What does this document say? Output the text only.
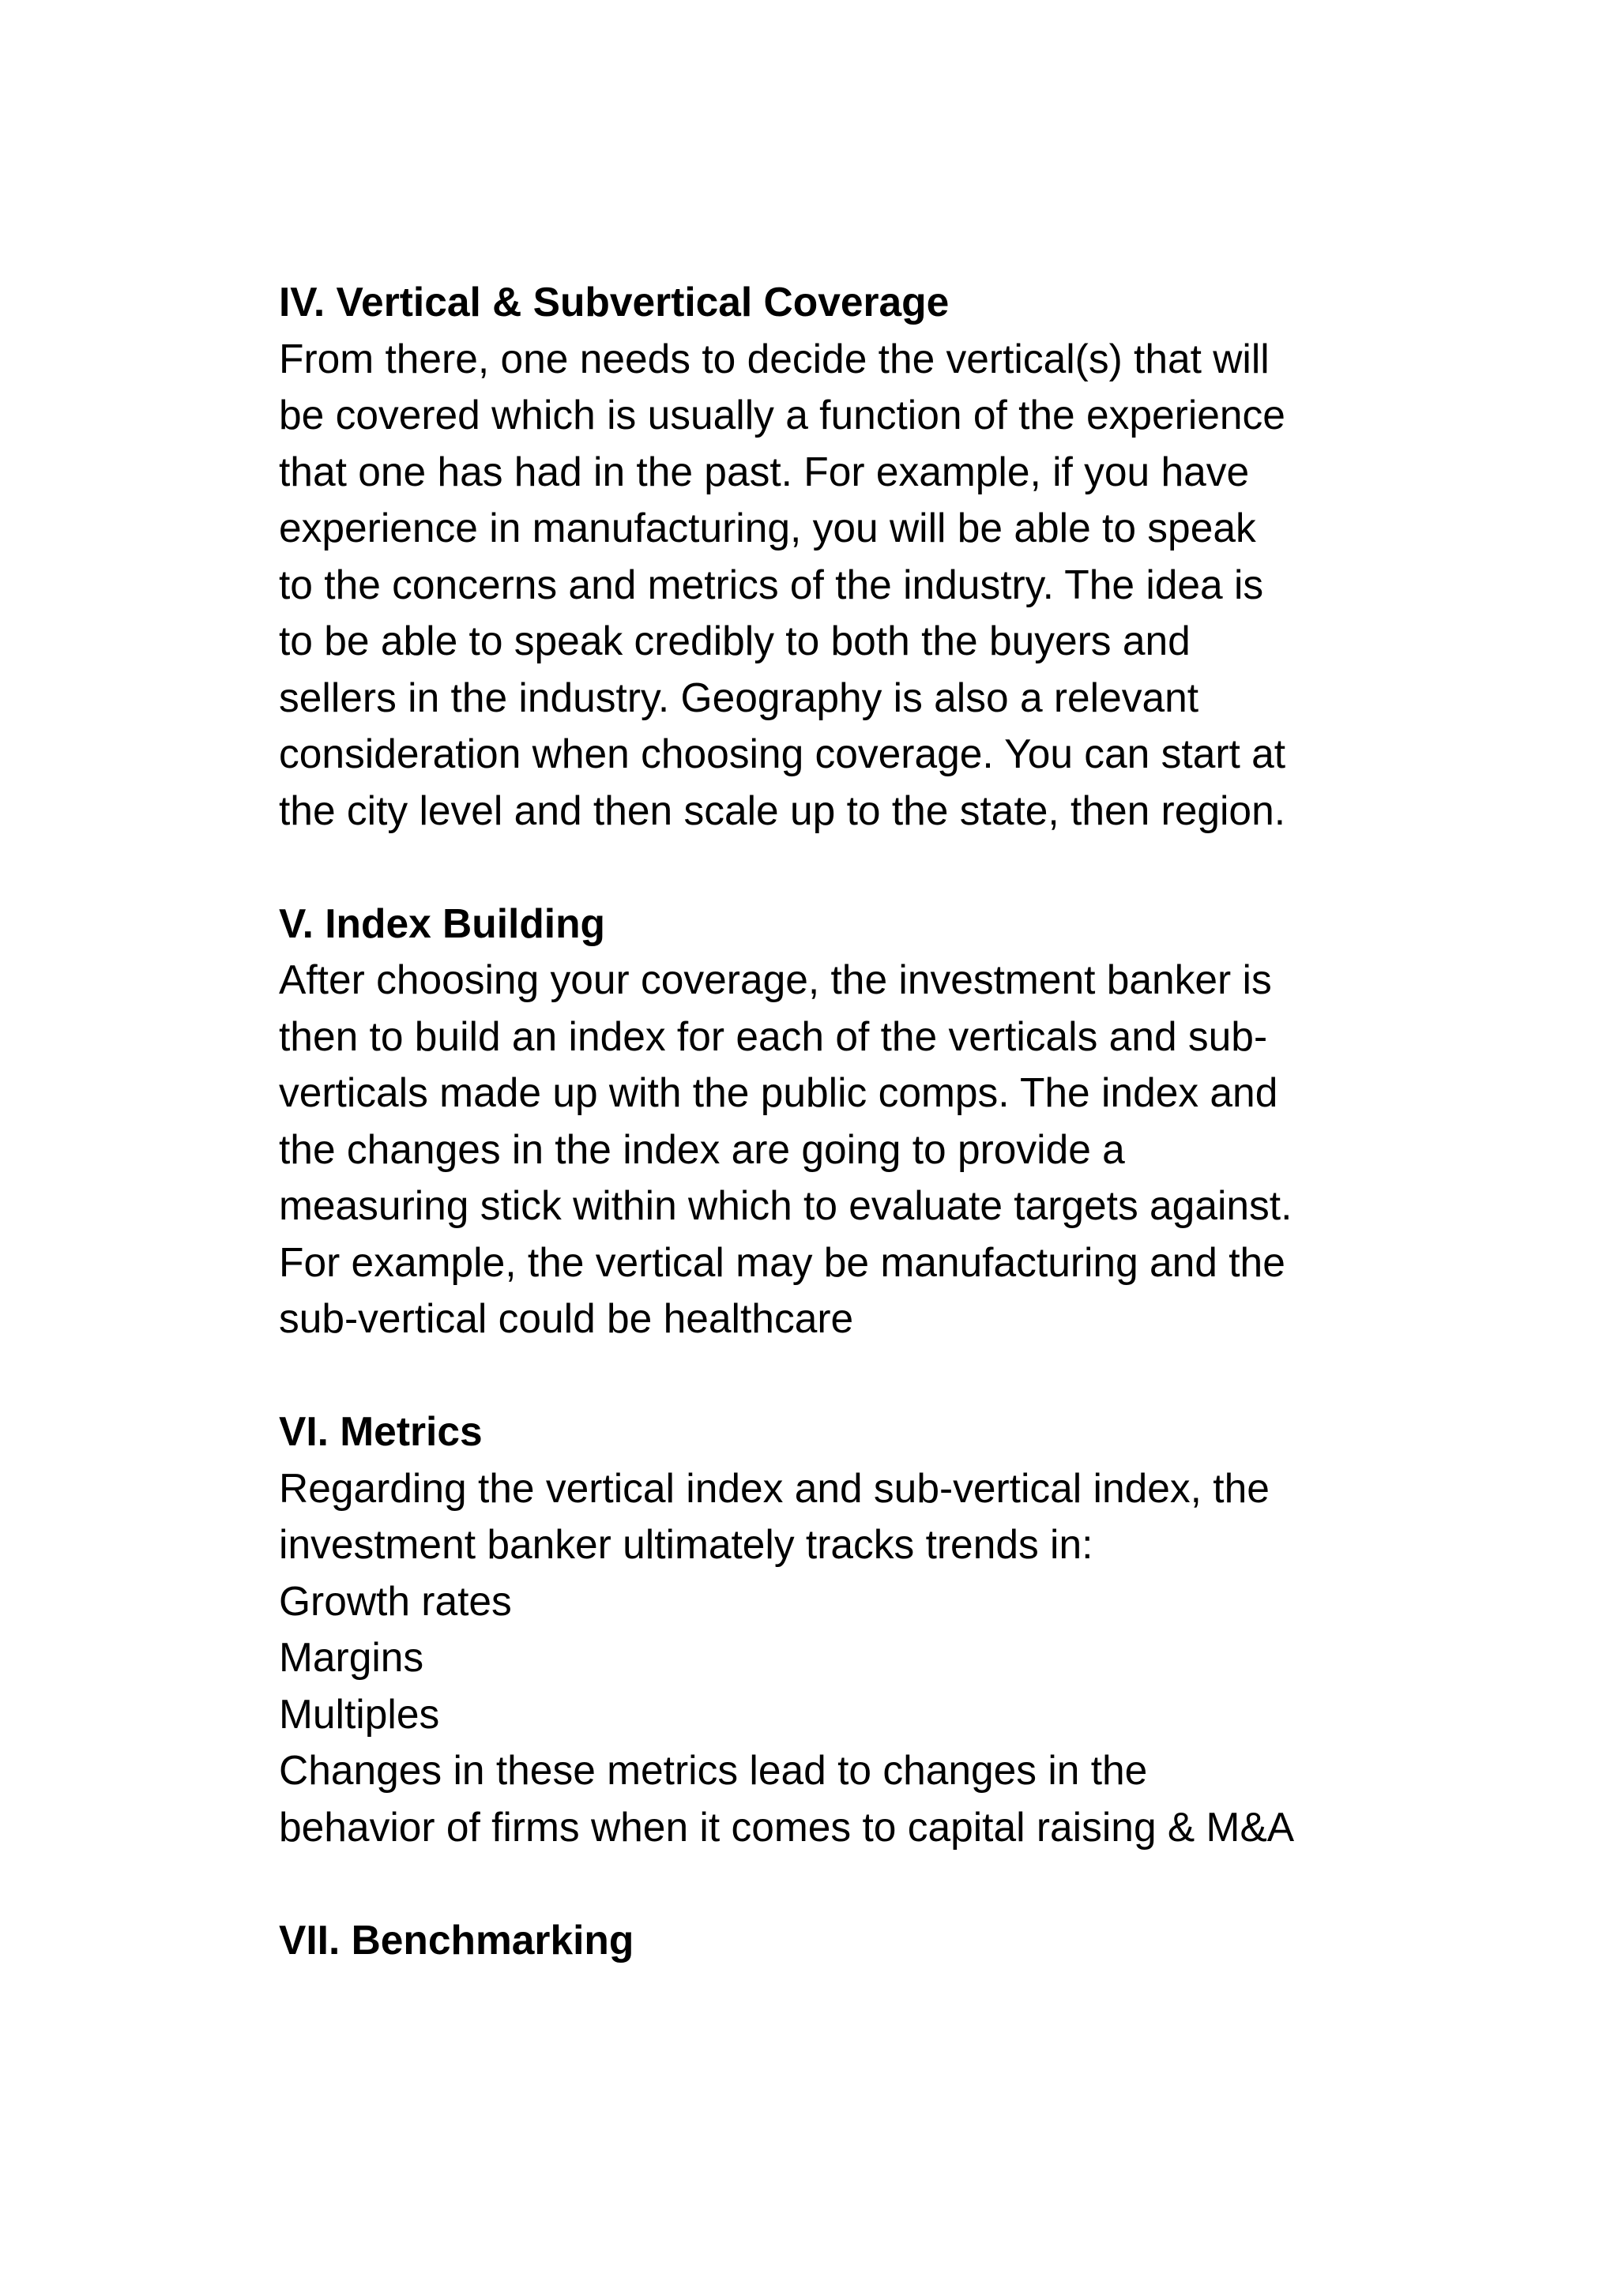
IV. Vertical & Subvertical Coverage
From there, one needs to decide the vertical(s) that will
be covered which is usually a function of the experience
that one has had in the past. For example, if you have
experience in manufacturing, you will be able to speak
to the concerns and metrics of the industry. The idea is
to be able to speak credibly to both the buyers and
sellers in the industry. Geography is also a relevant
consideration when choosing coverage. You can start at
the city level and then scale up to the state, then region.
V. Index Building
After choosing your coverage, the investment banker is
then to build an index for each of the verticals and sub-
verticals made up with the public comps. The index and
the changes in the index are going to provide a
measuring stick within which to evaluate targets against.
For example, the vertical may be manufacturing and the
sub-vertical could be healthcare
VI. Metrics
Regarding the vertical index and sub-vertical index, the
investment banker ultimately tracks trends in:
Growth rates
Margins
Multiples
Changes in these metrics lead to changes in the
behavior of firms when it comes to capital raising & M&A
VII. Benchmarking
